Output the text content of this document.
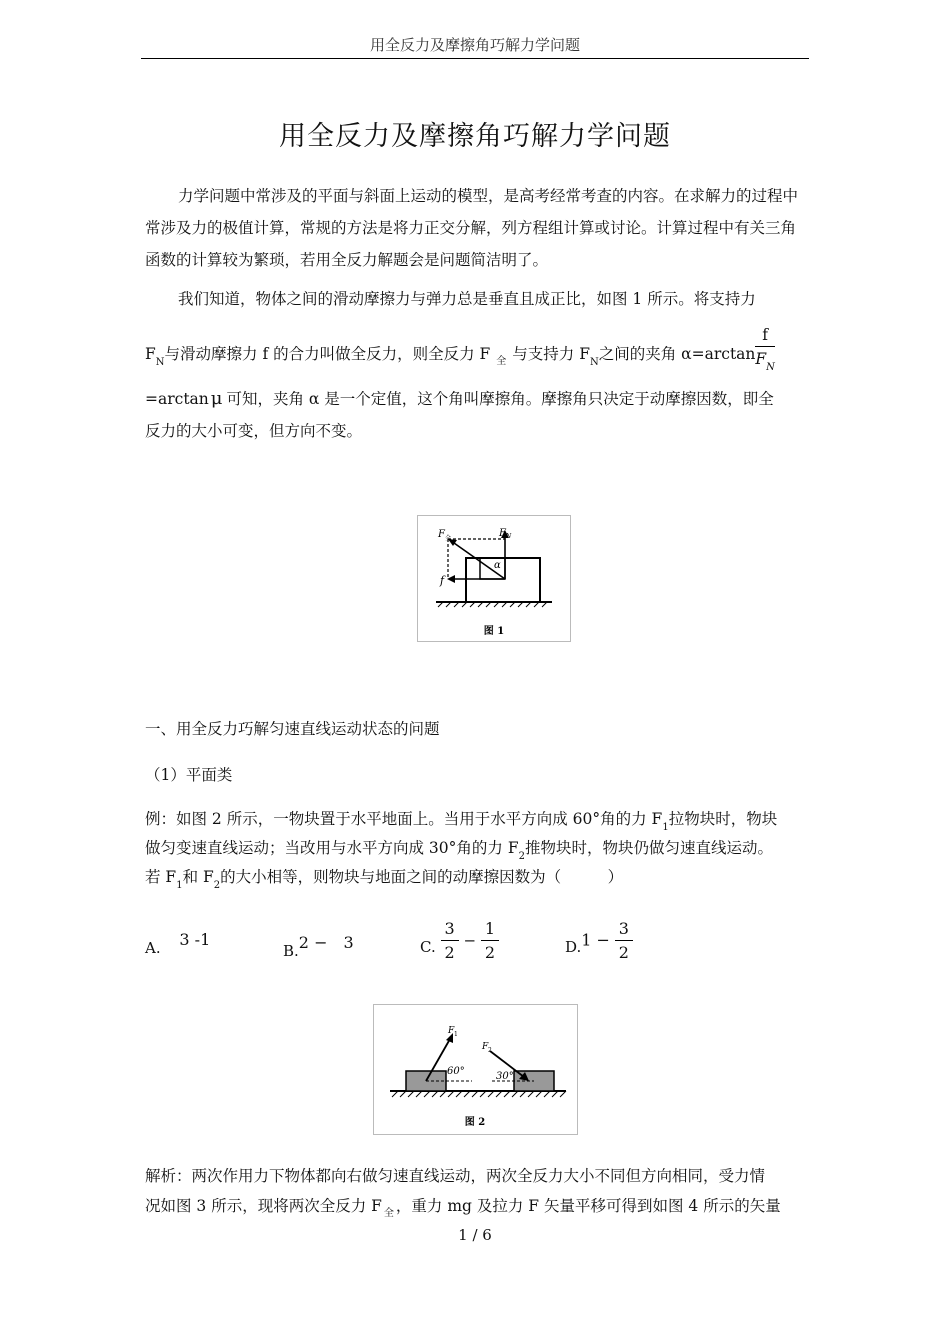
用全反力及摩擦角巧解力学问题
用全反力及摩擦角巧解力学问题
力学问题中常涉及的平面与斜面上运动的模型，是高考经常考查的内容。在求解力的过程中常涉及力的极值计算，常规的方法是将力正交分解，列方程组计算或讨论。计算过程中有关三角函数的计算较为繁琐，若用全反力解题会是问题简洁明了。
我们知道，物体之间的滑动摩擦力与弹力总是垂直且成正比，如图 1 所示。将支持力
$F_N$与滑动摩擦力 f 的合力叫做全反力，则全反力 F $_全$ 与支持力 $F_N$之间的夹角 $\alpha=\arctan \frac{f}{F_N}$
=arctan μ 可知，夹角 α 是一个定值，这个角叫摩擦角。摩擦角只决定于动摩擦因数，即全
反力的大小可变，但方向不变。
F 全	F N
α
f
图 1
一、用全反力巧解匀速直线运动状态的问题
（1）平面类
例：如图 2 所示，一物块置于水平地面上。当用于水平方向成 60°角的力 $F_1$拉物块时，物块
做匀变速直线运动；当改用与水平方向成 30°角的力 $F_2$推物块时，物块仍做匀速直线运动。
若 $F_1$和 $F_2$的大小相等，则物块与地面之间的动摩擦因数为（　　　）
A. 3 -1
B.2 −　3	C. $\frac{3}{2} - \frac{1}{2}$	$D.1 - \frac{3}{2}$
F 1
F 2
60°	30°
图 2
解析：两次作用力下物体都向右做匀速直线运动，两次全反力大小不同但方向相同，受力情
况如图 3 所示，现将两次全反力 F $_全$ ，重力 mg 及拉力 F 矢量平移可得到如图 4 所示的矢量
1 / 6
